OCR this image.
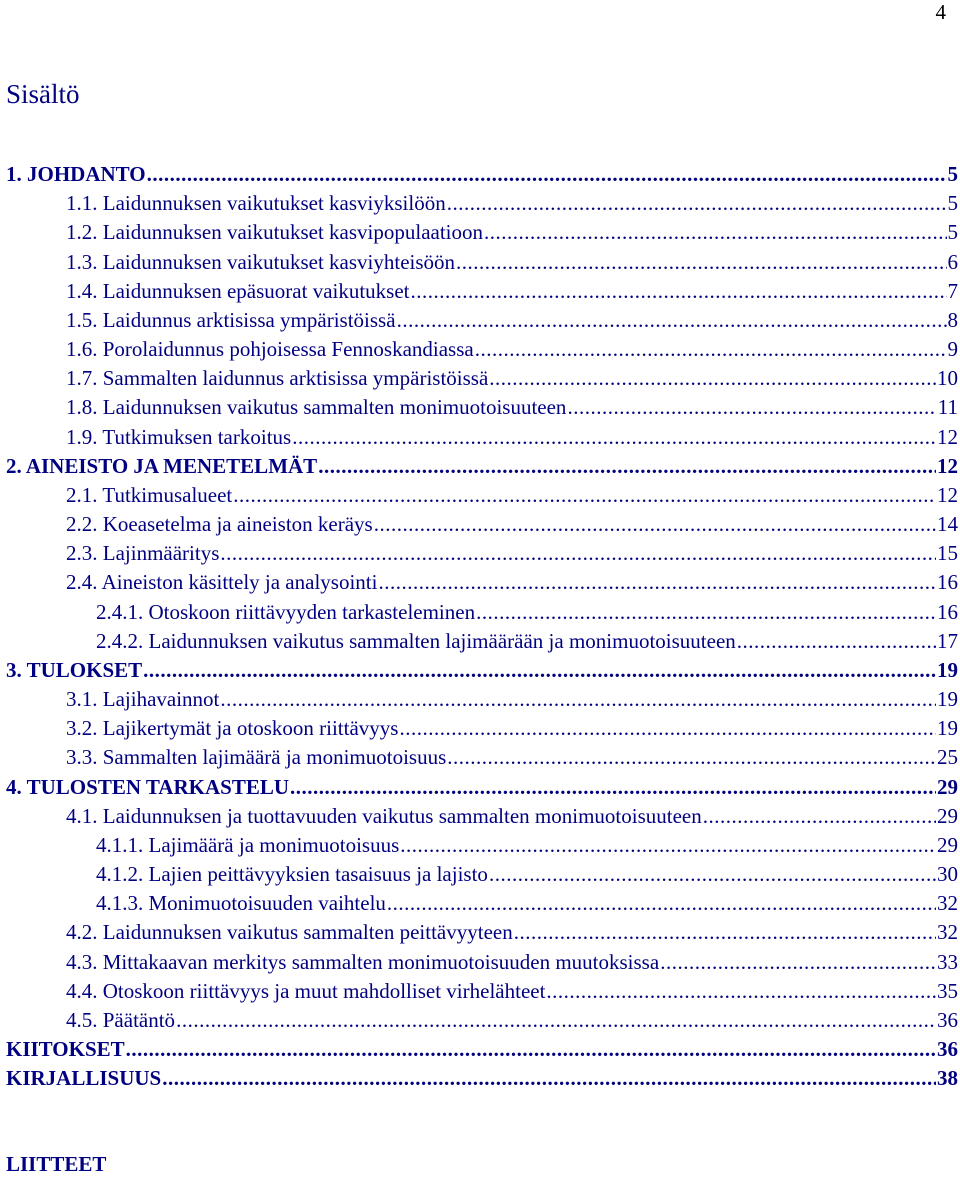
4
Sisältö
1. JOHDANTO .....	5
1.1. Laidunnuksen vaikutukset kasviyksilöön .....	5
1.2. Laidunnuksen vaikutukset kasvipopulaatioon .....	5
1.3. Laidunnuksen vaikutukset kasviyhteisöön .....	6
1.4. Laidunnuksen epäsuorat vaikutukset .....	7
1.5. Laidunnus arktisissa ympäristöissä .....	8
1.6. Porolaidunnus pohjoisessa Fennoskandiassa .....	9
1.7. Sammalten laidunnus arktisissa ympäristöissä .....	10
1.8. Laidunnuksen vaikutus sammalten monimuotoisuuteen .....	11
1.9. Tutkimuksen tarkoitus .....	12
2. AINEISTO JA MENETELMÄT .....	12
2.1. Tutkimusalueet .....	12
2.2. Koeasetelma ja aineiston keräys .....	14
2.3. Lajinmääritys .....	15
2.4. Aineiston käsittely ja analysointi .....	16
2.4.1. Otoskoon riittävyyden tarkasteleminen .....	16
2.4.2. Laidunnuksen vaikutus sammalten lajimäärään ja monimuotoisuuteen .....	17
3. TULOKSET .....	19
3.1. Lajihavainnot .....	19
3.2. Lajikertymät ja otoskoon riittävyys .....	19
3.3. Sammalten lajimäärä ja monimuotoisuus .....	25
4. TULOSTEN TARKASTELU .....	29
4.1. Laidunnuksen ja tuottavuuden vaikutus sammalten monimuotoisuuteen .....	29
4.1.1. Lajimäärä ja monimuotoisuus .....	29
4.1.2. Lajien peittävyyksien tasaisuus ja lajisto .....	30
4.1.3. Monimuotoisuuden vaihtelu .....	32
4.2. Laidunnuksen vaikutus sammalten peittävyyteen .....	32
4.3. Mittakaavan merkitys sammalten monimuotoisuuden muutoksissa .....	33
4.4. Otoskoon riittävyys ja muut mahdolliset virhelähteet .....	35
4.5. Päätäntö .....	36
KIITOKSET .....	36
KIRJALLISUUS .....	38
LIITTEET
